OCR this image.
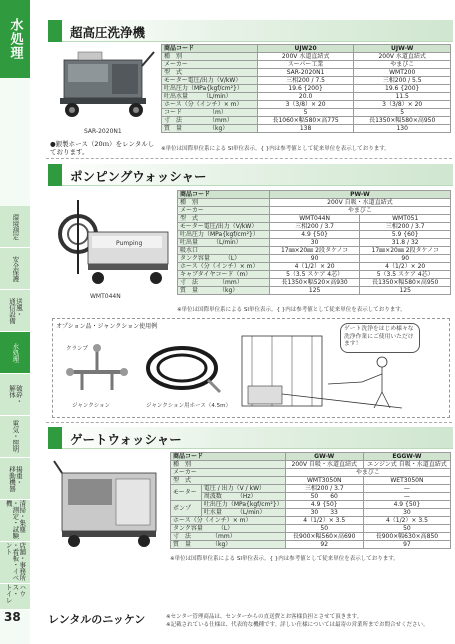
水処理
環境測定
安全保護
送風・
通信設備
水処理
破砕・
解体
電気・照明
揚重・
移動機器
清掃・集塵
・測定・試験機
店舗・事務所
・看板・イベント
ハウス・
トイレ
38
超高圧洗浄機
SAR-2020N1
●銀製ホース（20ｍ）をレンタルしております。
商品コード	UJW20	UJW-W
種　別	200V 水道直結式	200V 水道直結式
メーカー	スーパー工業	やまびこ
型　式	SAR-2020N1	WMT200
モーター電圧/出力（V/kW）	三相200 / 7.5	三相200 / 5.5
吐出圧力（MPa{kgf/cm²}）	19.6 {200}	19.6 {200}
吐出水量　　　（L/min）	20.0	11.5
ホース（分（インチ）× m）	3（3/8）× 20	3（3/8）× 20
コード　　　　　（m）	5	5
寸　法　　　　　（mm）	長1060×幅580×高775	長1350×幅580×高950
質　量　　　　　（kg）	138	130
※単位は国際単位系による SI単位表示。{ }内は参考値として従来単位を表示しております。
ポンピングウォッシャー
Pumping
WMT044N
商品コード	PW-W	
種　別	200V 自吸・水道直結式	
メーカー	やまびこ	
型　式	WMT044N	WMT051
モーター電圧/出力（V/kW）	三相200 / 3.7	三相200 / 3.7
吐出圧力（MPa{kgf/cm²}）	4.9 {50}	5.9 {60}
吐出量　　　（L/min）	30	31.8 / 32
吸水口	17㎜×20㎜ 2段タケノコ	17㎜×20㎜ 2段タケノコ
タンク容量　　　（L）	90	90
ホース（分（インチ）× m）	4（1/2）× 20	4（1/2）× 20
キャブタイヤコード（m）	5（3.5 スケア 4芯）	5（3.5 スケア 4芯）
寸　法　　　　（mm）	長1350×幅520×高930	長1350×幅580×高950
質　量　　　　（kg）	125	125
※単位は国際単位系による SI単位表示。{ }内は参考値として従来単位を表示しております。
オプション品・ジャンクション使用例
クランプ
ジャンクション	ジャンクション用ホース（4.5m）
ゲート洗浄をはじめ様々な洗浄作業にご使用いただけます！
ゲートウォッシャー
商品コード		GW-W	EGGW-W
種　別		200V 自吸・水道直結式	エンジン式 自吸・水道直結式
メーカー		やまびこ	
型　式		WMT3050N	WET3050N
モーター	電圧 / 出力（V / kW）	三相200 / 3.7	—
	周波数　　　（Hz）	50　　60	—
ポンプ	吐出圧力（MPa{kgf/cm²}）	4.9 {50}	4.9 {50}
	吐水量　　　（L/min）	30　　33	30
ホース（分（インチ）× m）		4（1/2）× 3.5	4（1/2）× 3.5
タンク容量　　　（L）		50	50
寸　法　　　　（mm）		長900×幅560×高690	長900×幅630×高850
質　量　　　　（kg）		92	97
※単位は国際単位系による SI単位表示。{ }内は参考値として従来単位を表示しております。
レンタルのニッケン	※センター管理商品は、センターからの直送費とお客様負担とさせて頂きます。
※記載されている仕様は、代表的な機種です。詳しい仕様については最寄の営業所までお問合せください。
